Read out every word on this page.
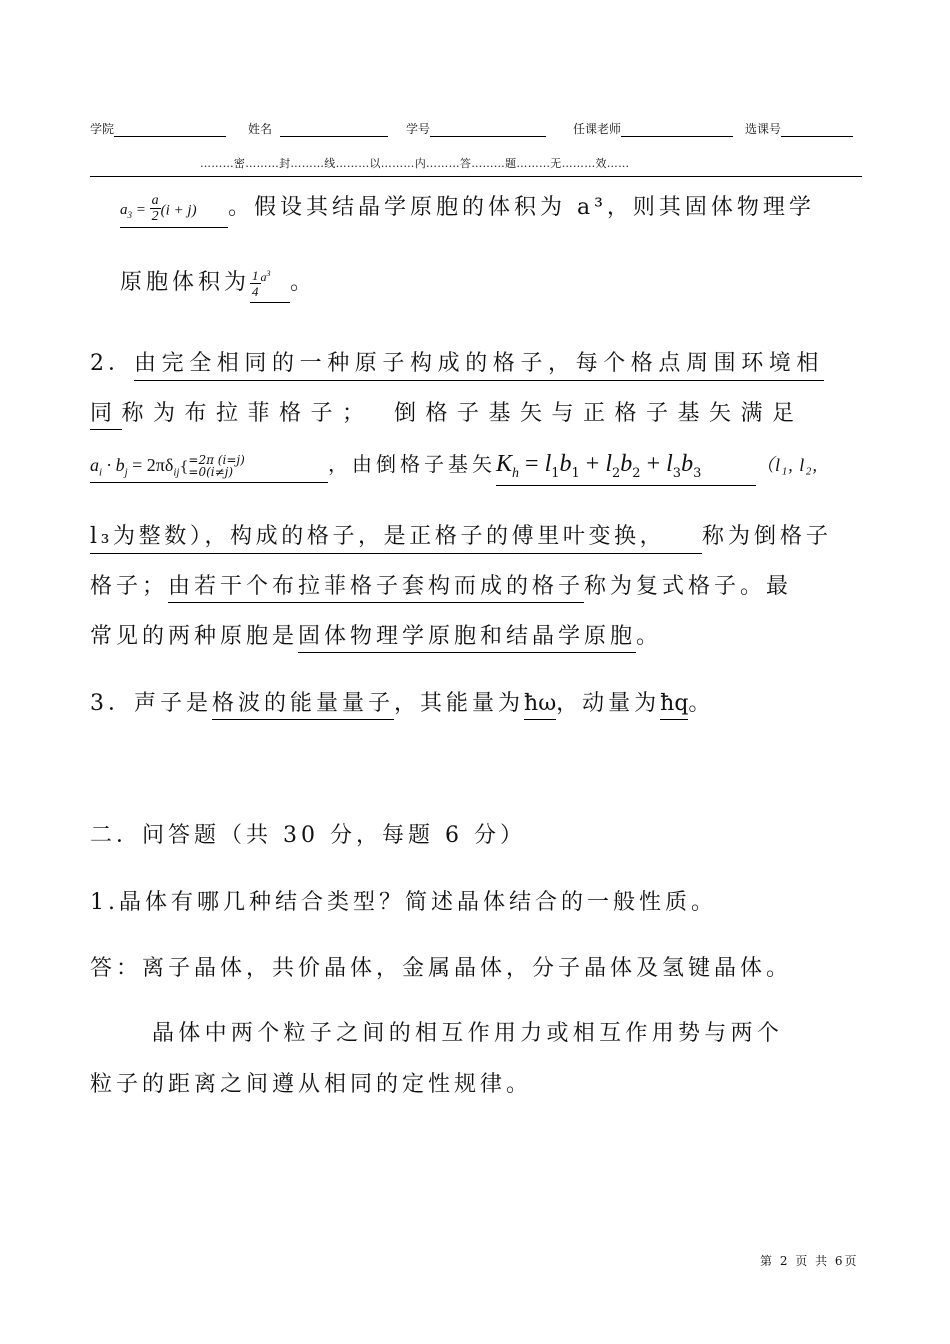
学院	姓名	学号	任课老师	选课号
………密………封………线………以………内………答………题………无………效……
$a_3 = \frac{a}{2} (i + j)$ 。假设其结晶学原胞的体积为 a³，则其固体物理学
原胞体积为 $\frac{1}{4} ^{a^3}$ 。
2．由完全相同的一种原子构成的格子，每个格点周围环境相
同称为布拉菲格子；　倒格子基矢与正格子基矢满足
$a_i \cdot b_j = 2\pi\delta_{ij}\{ =2\pi$ (i=j)
=0(i≠j)	，由倒格子基矢$K_h = l_1b_1 + l_2b_2 + l_3b_3$	（l₁, l₂,
l₃为整数），构成的格子，是正格子的傅里叶变换， 称为倒格子
格子；由若干个布拉菲格子套构而成的格子称为复式格子。最
常见的两种原胞是固体物理学原胞和结晶学原胞。
3．声子是格波的能量量子，其能量为ħω，动量为ħq。
二．问答题（共 30 分，每题 6 分）
1.晶体有哪几种结合类型？简述晶体结合的一般性质。
答：离子晶体，共价晶体，金属晶体，分子晶体及氢键晶体。
晶体中两个粒子之间的相互作用力或相互作用势与两个
粒子的距离之间遵从相同的定性规律。
第 2 页 共 6页
